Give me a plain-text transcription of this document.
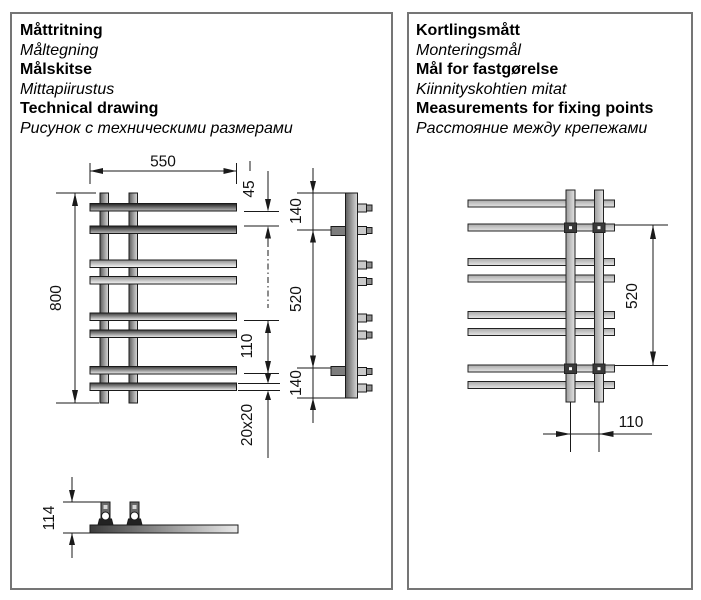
Måttritning
Måltegning
Målskitse
Mittapiirustus
Technical drawing
Рисунок с техническими размерами
Kortlingsmått
Monteringsmål
Mål for fastgørelse
Kiinnityskohtien mitat
Measurements for fixing points
Расстояние между крепежами
550
800
45
110
20x20
140
520
140
114
520
110
